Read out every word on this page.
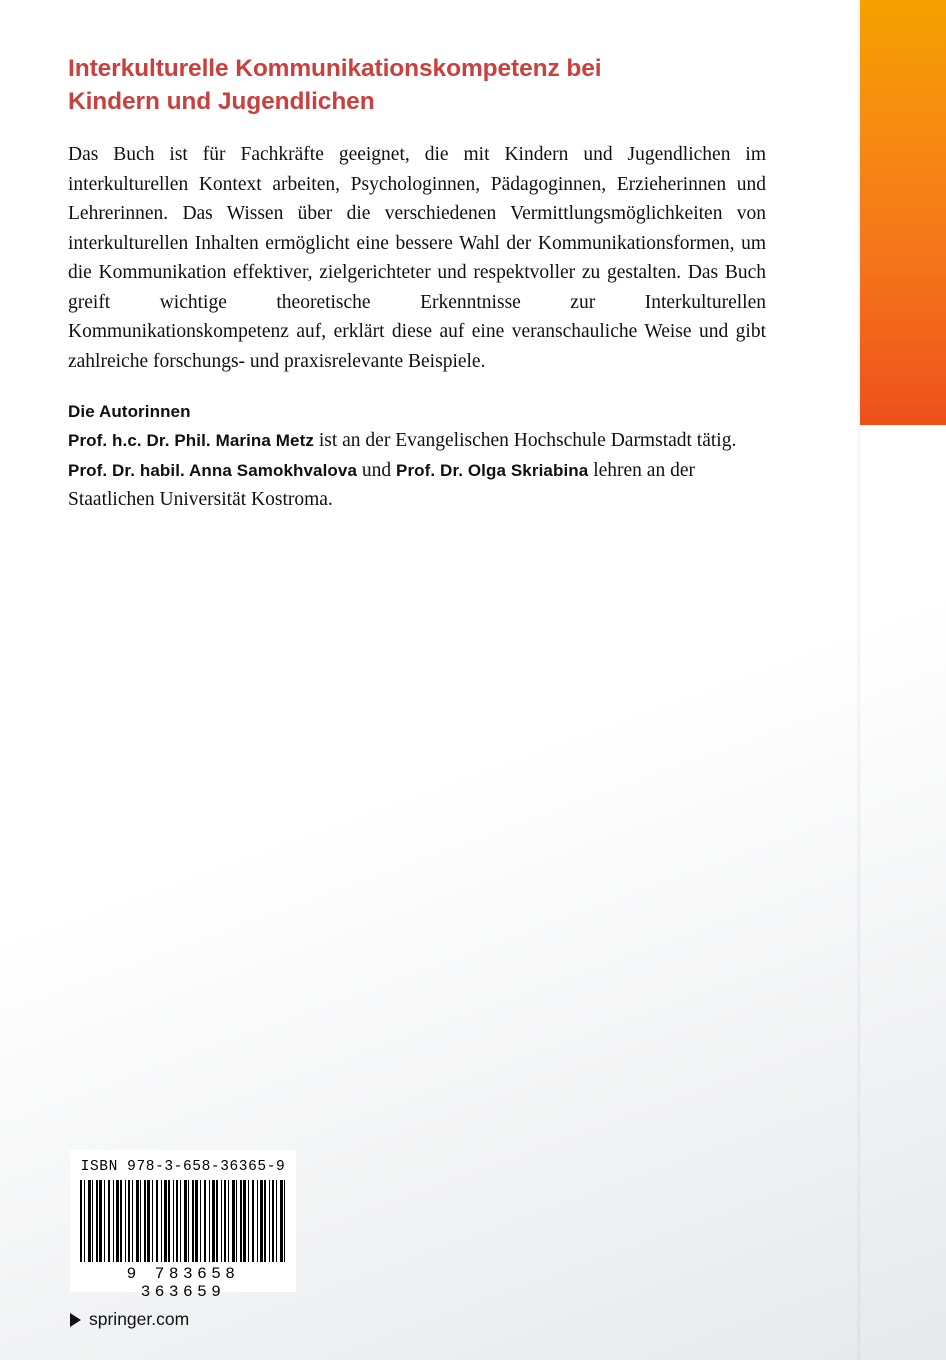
Interkulturelle Kommunikationskompetenz bei Kindern und Jugendlichen

Das Buch ist für Fachkräfte geeignet, die mit Kindern und Jugendlichen im interkulturellen Kontext arbeiten, Psychologinnen, Pädagoginnen, Erzieherinnen und Lehrerinnen. Das Wissen über die verschiedenen Vermittlungsmöglichkeiten von interkulturellen Inhalten ermöglicht eine bessere Wahl der Kommunikationsformen, um die Kommunikation effektiver, zielgerichteter und respektvoller zu gestalten. Das Buch greift wichtige theoretische Erkenntnisse zur Interkulturellen Kommunikationskompetenz auf, erklärt diese auf eine veranschauliche Weise und gibt zahlreiche forschungs- und praxisrelevante Beispiele.

Die Autorinnen

Prof. h.c. Dr. Phil. Marina Metz ist an der Evangelischen Hochschule Darmstadt tätig.
Prof. Dr. habil. Anna Samokhvalova und Prof. Dr. Olga Skriabina lehren an der Staatlichen Universität Kostroma.

ISBN 978-3-658-36365-9
9 783658 363659
springer.com
